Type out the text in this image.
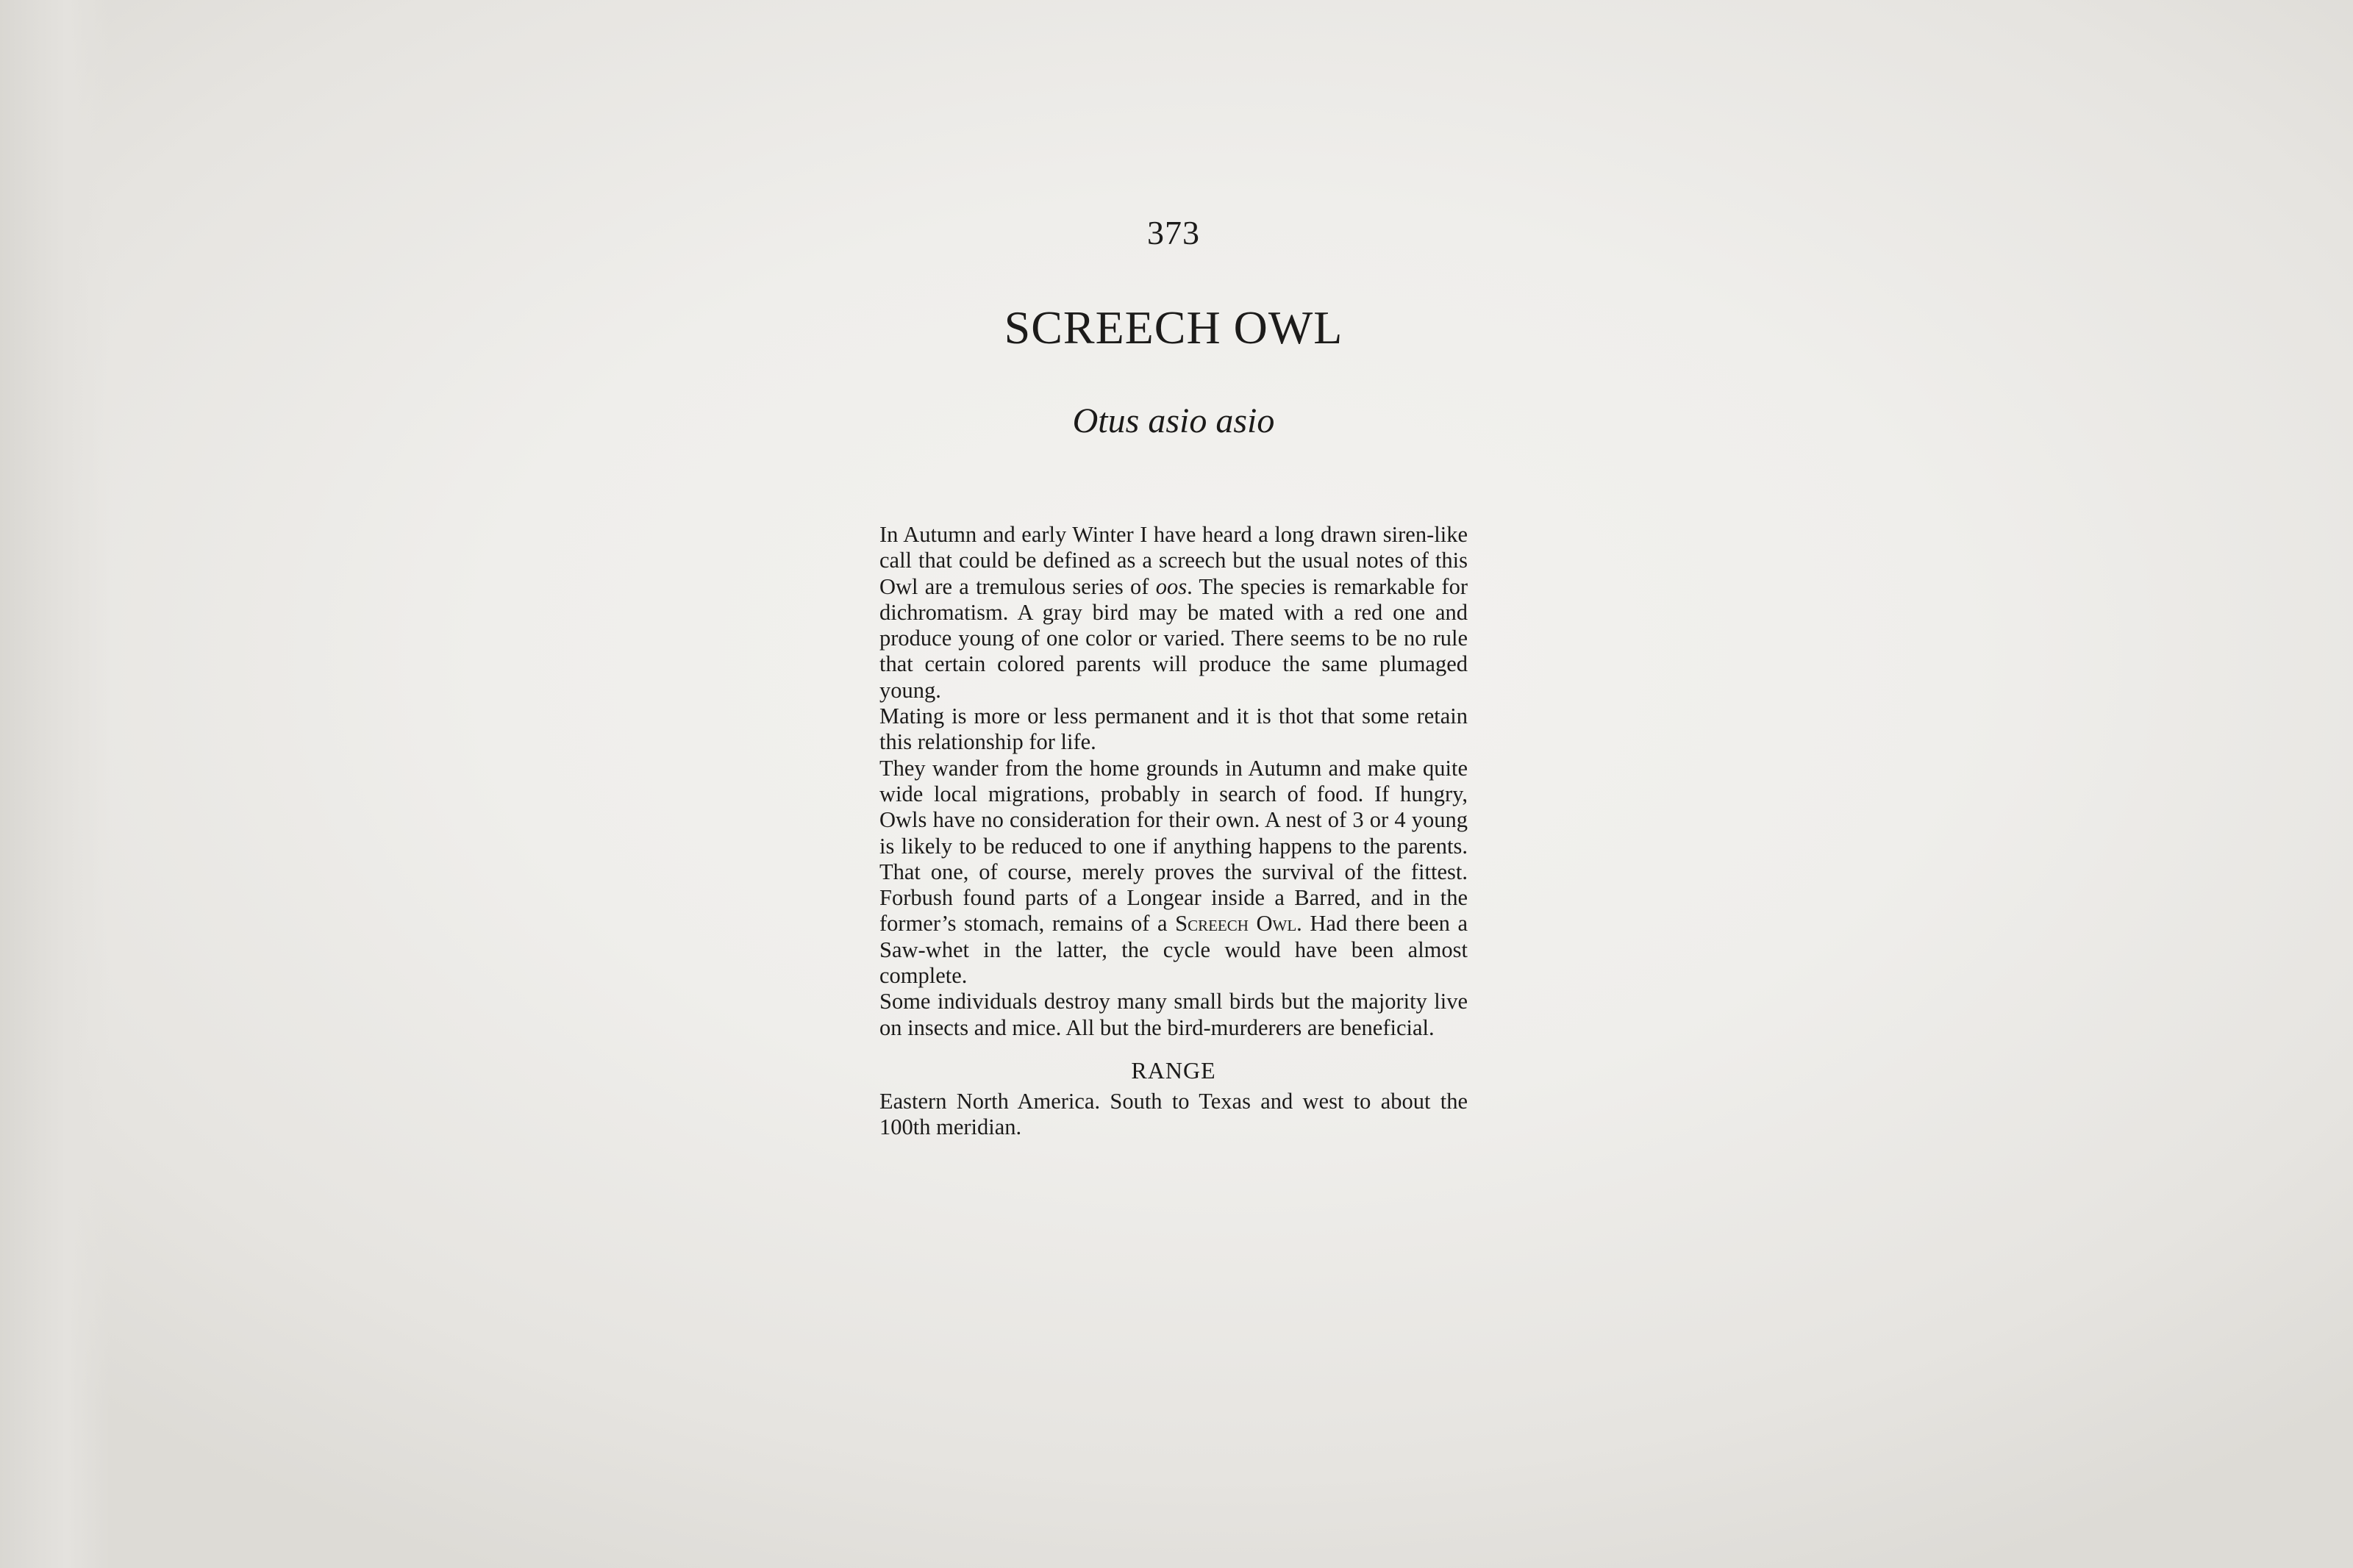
373
SCREECH OWL
Otus asio asio

In Autumn and early Winter I have heard a long drawn siren-like call that could be defined as a screech but the usual notes of this Owl are a tremulous series of oos. The species is remarkable for dichromatism. A gray bird may be mated with a red one and produce young of one color or varied. There seems to be no rule that certain colored parents will produce the same plumaged young.

Mating is more or less permanent and it is thot that some retain this relationship for life.

They wander from the home grounds in Autumn and make quite wide local migrations, probably in search of food. If hungry, Owls have no consideration for their own. A nest of 3 or 4 young is likely to be reduced to one if anything happens to the parents. That one, of course, merely proves the survival of the fittest. Forbush found parts of a Longear inside a Barred, and in the former’s stomach, remains of a Screech Owl. Had there been a Saw-whet in the latter, the cycle would have been almost complete.

Some individuals destroy many small birds but the majority live on insects and mice. All but the bird-murderers are beneficial.

RANGE

Eastern North America. South to Texas and west to about the 100th meridian.
